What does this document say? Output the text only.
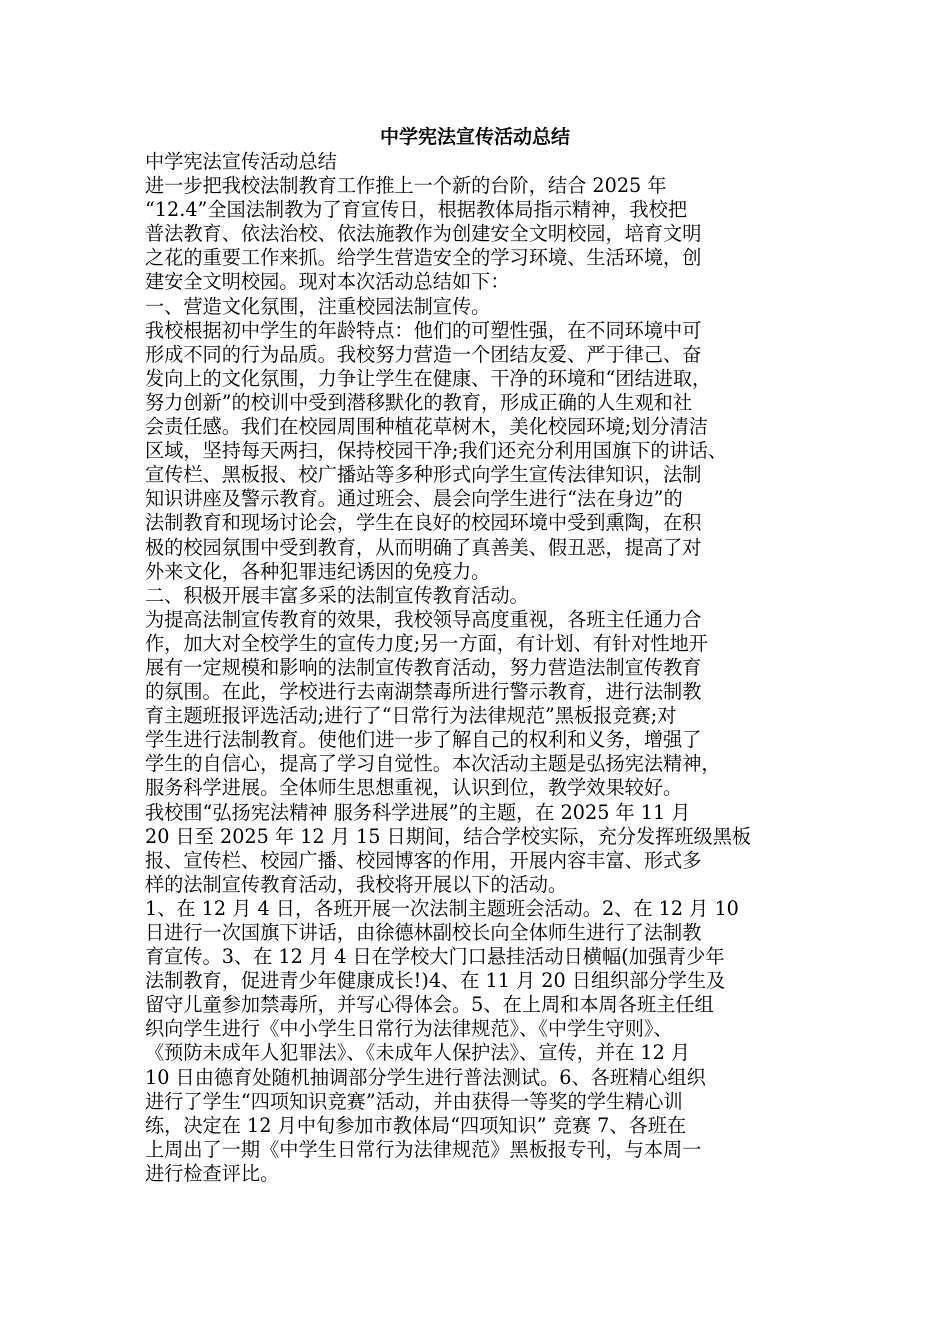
中学宪法宣传活动总结

中学宪法宣传活动总结

进一步把我校法制教育工作推上一个新的台阶，结合 2025 年

“12.4”全国法制教为了育宣传日，根据教体局指示精神，我校把

普法教育、依法治校、依法施教作为创建安全文明校园，培育文明

之花的重要工作来抓。给学生营造安全的学习环境、生活环境，创

建安全文明校园。现对本次活动总结如下：

一、营造文化氛围，注重校园法制宣传。

我校根据初中学生的年龄特点：他们的可塑性强，在不同环境中可

形成不同的行为品质。我校努力营造一个团结友爱、严于律己、奋

发向上的文化氛围，力争让学生在健康、干净的环境和“团结进取，

努力创新”的校训中受到潜移默化的教育，形成正确的人生观和社

会责任感。我们在校园周围种植花草树木，美化校园环境;划分清洁

区域，坚持每天两扫，保持校园干净;我们还充分利用国旗下的讲话、

宣传栏、黑板报、校广播站等多种形式向学生宣传法律知识，法制

知识讲座及警示教育。通过班会、晨会向学生进行“法在身边”的

法制教育和现场讨论会，学生在良好的校园环境中受到熏陶，在积

极的校园氛围中受到教育，从而明确了真善美、假丑恶，提高了对

外来文化，各种犯罪违纪诱因的免疫力。

二、积极开展丰富多采的法制宣传教育活动。

为提高法制宣传教育的效果，我校领导高度重视，各班主任通力合

作，加大对全校学生的宣传力度;另一方面，有计划、有针对性地开

展有一定规模和影响的法制宣传教育活动，努力营造法制宣传教育

的氛围。在此，学校进行去南湖禁毒所进行警示教育，进行法制教

育主题班报评选活动;进行了“日常行为法律规范”黑板报竞赛;对

学生进行法制教育。使他们进一步了解自己的权利和义务，增强了

学生的自信心，提高了学习自觉性。本次活动主题是弘扬宪法精神，

服务科学进展。全体师生思想重视，认识到位，教学效果较好。

我校围“弘扬宪法精神 服务科学进展”的主题，在 2025 年 11 月

20 日至 2025 年 12 月 15 日期间，结合学校实际，充分发挥班级黑板

报、宣传栏、校园广播、校园博客的作用，开展内容丰富、形式多

样的法制宣传教育活动，我校将开展以下的活动。

1、在 12 月 4 日，各班开展一次法制主题班会活动。2、在 12 月 10

日进行一次国旗下讲话，由徐德林副校长向全体师生进行了法制教

育宣传。3、在 12 月 4 日在学校大门口悬挂活动日横幅(加强青少年

法制教育，促进青少年健康成长!)4、在 11 月 20 日组织部分学生及

留守儿童参加禁毒所，并写心得体会。5、在上周和本周各班主任组

织向学生进行《中小学生日常行为法律规范》、《中学生守则》、

《预防未成年人犯罪法》、《未成年人保护法》、宣传，并在 12 月

10 日由德育处随机抽调部分学生进行普法测试。6、各班精心组织

进行了学生“四项知识竞赛”活动，并由获得一等奖的学生精心训

练，决定在 12 月中旬参加市教体局“四项知识” 竞赛 7、各班在

上周出了一期《中学生日常行为法律规范》黑板报专刊，与本周一

进行检查评比。
